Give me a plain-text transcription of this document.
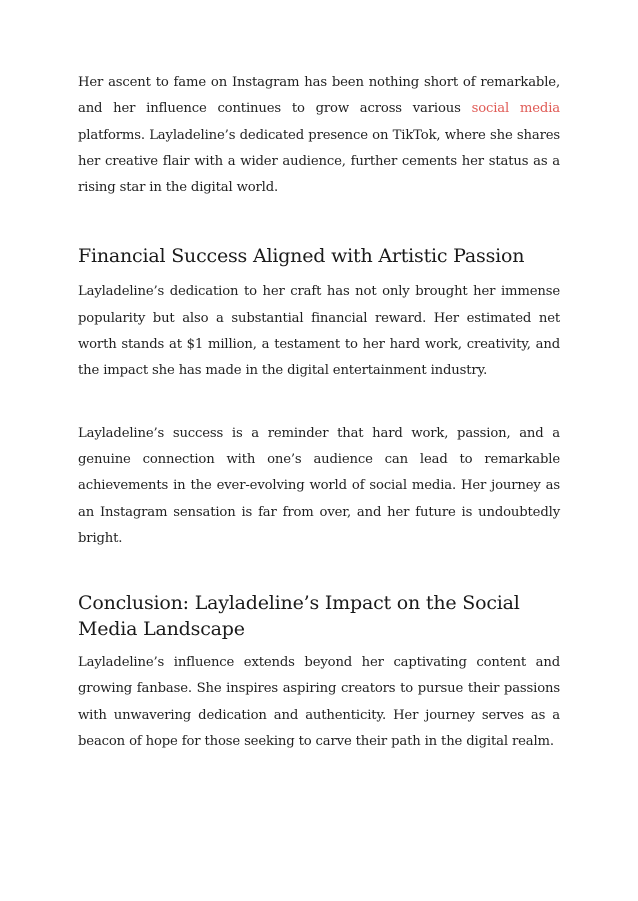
Her ascent to fame on Instagram has been nothing short of remarkable, and her influence continues to grow across various social media platforms. Layladeline’s dedicated presence on TikTok, where she shares her creative flair with a wider audience, further cements her status as a rising star in the digital world.

Financial Success Aligned with Artistic Passion

Layladeline’s dedication to her craft has not only brought her immense popularity but also a substantial financial reward. Her estimated net worth stands at $1 million, a testament to her hard work, creativity, and the impact she has made in the digital entertainment industry.

Layladeline’s success is a reminder that hard work, passion, and a genuine connection with one’s audience can lead to remarkable achievements in the ever-evolving world of social media. Her journey as an Instagram sensation is far from over, and her future is undoubtedly bright.

Conclusion: Layladeline’s Impact on the Social Media Landscape

Layladeline’s influence extends beyond her captivating content and growing fanbase. She inspires aspiring creators to pursue their passions with unwavering dedication and authenticity. Her journey serves as a beacon of hope for those seeking to carve their path in the digital realm.
